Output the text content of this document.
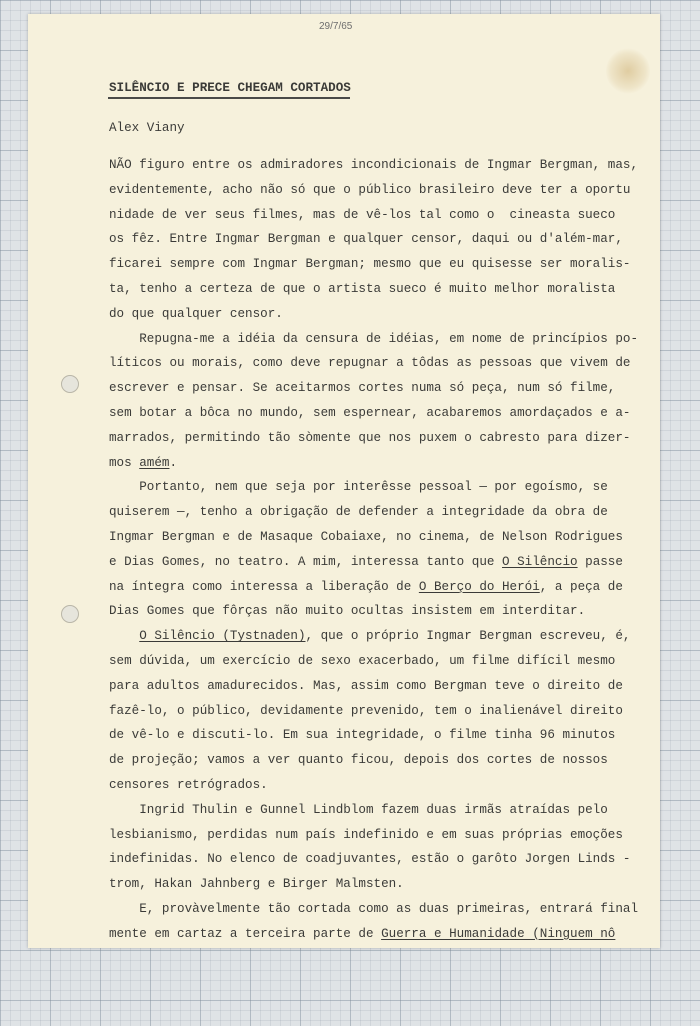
29/7/65
SILÊNCIO E PRECE CHEGAM CORTADOS
Alex Viany
NÃO figuro entre os admiradores incondicionais de Ingmar Bergman, mas,
evidentemente, acho não só que o público brasileiro deve ter a oportu
nidade de ver seus filmes, mas de vê-los tal como o  cineasta sueco
os fêz. Entre Ingmar Bergman e qualquer censor, daqui ou d'além-mar,
ficarei sempre com Ingmar Bergman; mesmo que eu quisesse ser moralis-
ta, tenho a certeza de que o artista sueco é muito melhor moralista
do que qualquer censor.
Repugna-me a idéia da censura de idéias, em nome de princípios po-
líticos ou morais, como deve repugnar a tôdas as pessoas que vivem de
escrever e pensar. Se aceitarmos cortes numa só peça, num só filme,
sem botar a bôca no mundo, sem espernear, acabaremos amordaçados e a-
marrados, permitindo tão sòmente que nos puxem o cabresto para dizer-
mos amém.
Portanto, nem que seja por interêsse pessoal — por egoísmo, se
quiserem —, tenho a obrigação de defender a integridade da obra de
Ingmar Bergman e de Masaque Cobaiaxe, no cinema, de Nelson Rodrigues
e Dias Gomes, no teatro. A mim, interessa tanto que O Silêncio passe
na íntegra como interessa a liberação de O Berço do Herói, a peça de
Dias Gomes que fôrças não muito ocultas insistem em interditar.
O Silêncio (Tystnaden), que o próprio Ingmar Bergman escreveu, é,
sem dúvida, um exercício de sexo exacerbado, um filme difícil mesmo
para adultos amadurecidos. Mas, assim como Bergman teve o direito de
fazê-lo, o público, devidamente prevenido, tem o inalienável direito
de vê-lo e discuti-lo. Em sua integridade, o filme tinha 96 minutos
de projeção; vamos a ver quanto ficou, depois dos cortes de nossos
censores retrógrados.
Ingrid Thulin e Gunnel Lindblom fazem duas irmãs atraídas pelo
lesbianismo, perdidas num país indefinido e em suas próprias emoções
indefinidas. No elenco de coadjuvantes, estão o garôto Jorgen Linds -
trom, Hakan Jahnberg e Birger Malmsten.
E, provàvelmente tão cortada como as duas primeiras, entrará final
mente em cartaz a terceira parte de Guerra e Humanidade (Ninguem nô
